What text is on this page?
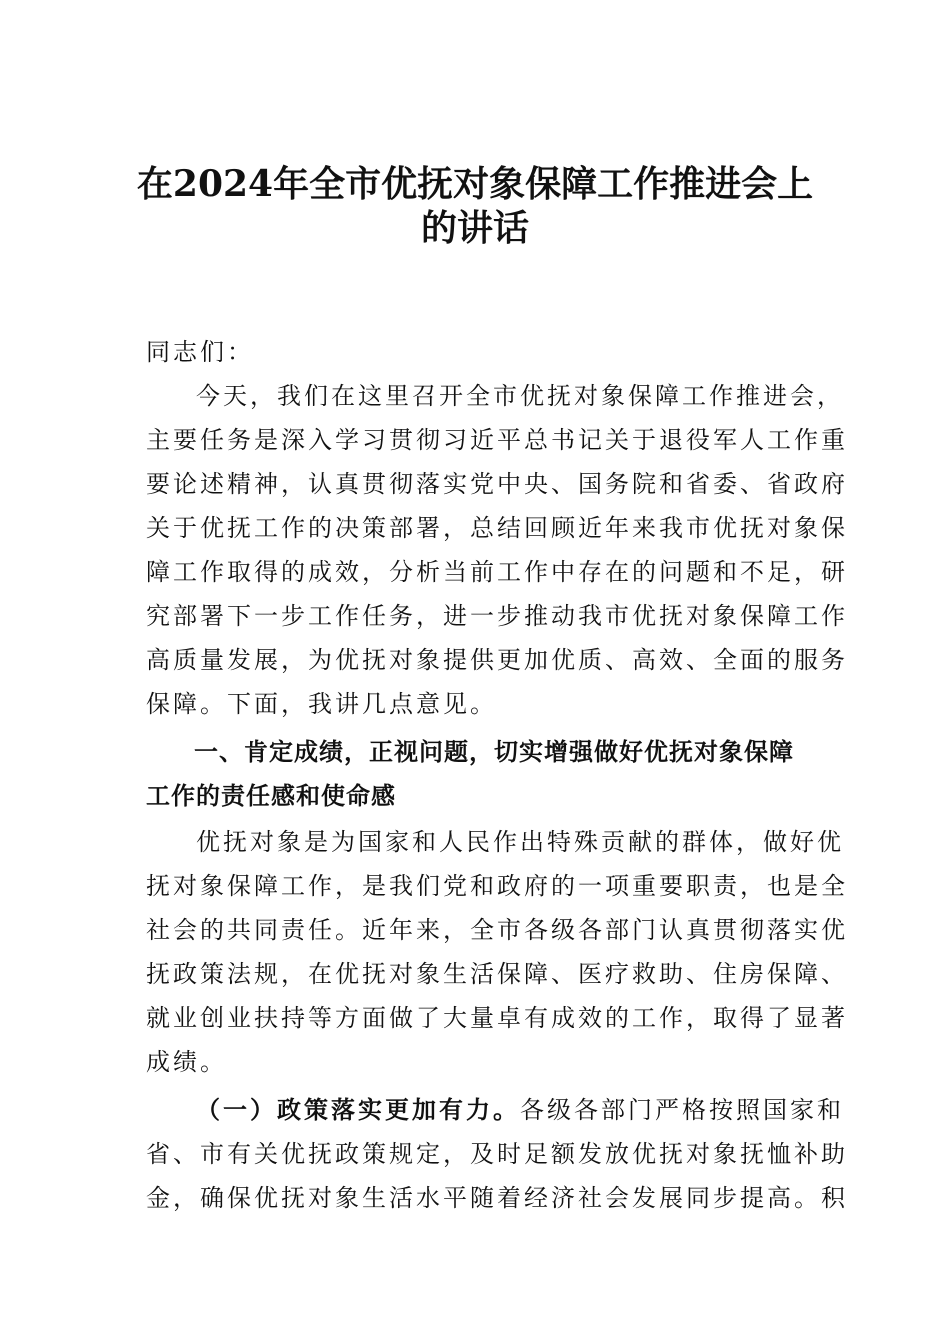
在2024年全市优抚对象保障工作推进会上
的讲话
同志们：
今天，我们在这里召开全市优抚对象保障工作推进会，
主要任务是深入学习贯彻习近平总书记关于退役军人工作重
要论述精神，认真贯彻落实党中央、国务院和省委、省政府
关于优抚工作的决策部署，总结回顾近年来我市优抚对象保
障工作取得的成效，分析当前工作中存在的问题和不足，研
究部署下一步工作任务，进一步推动我市优抚对象保障工作
高质量发展，为优抚对象提供更加优质、高效、全面的服务
保障。下面，我讲几点意见。
一、肯定成绩，正视问题，切实增强做好优抚对象保障
工作的责任感和使命感
优抚对象是为国家和人民作出特殊贡献的群体，做好优
抚对象保障工作，是我们党和政府的一项重要职责，也是全
社会的共同责任。近年来，全市各级各部门认真贯彻落实优
抚政策法规，在优抚对象生活保障、医疗救助、住房保障、
就业创业扶持等方面做了大量卓有成效的工作，取得了显著
成绩。
（一）政策落实更加有力。各级各部门严格按照国家和
省、市有关优抚政策规定，及时足额发放优抚对象抚恤补助
金，确保优抚对象生活水平随着经济社会发展同步提高。积
